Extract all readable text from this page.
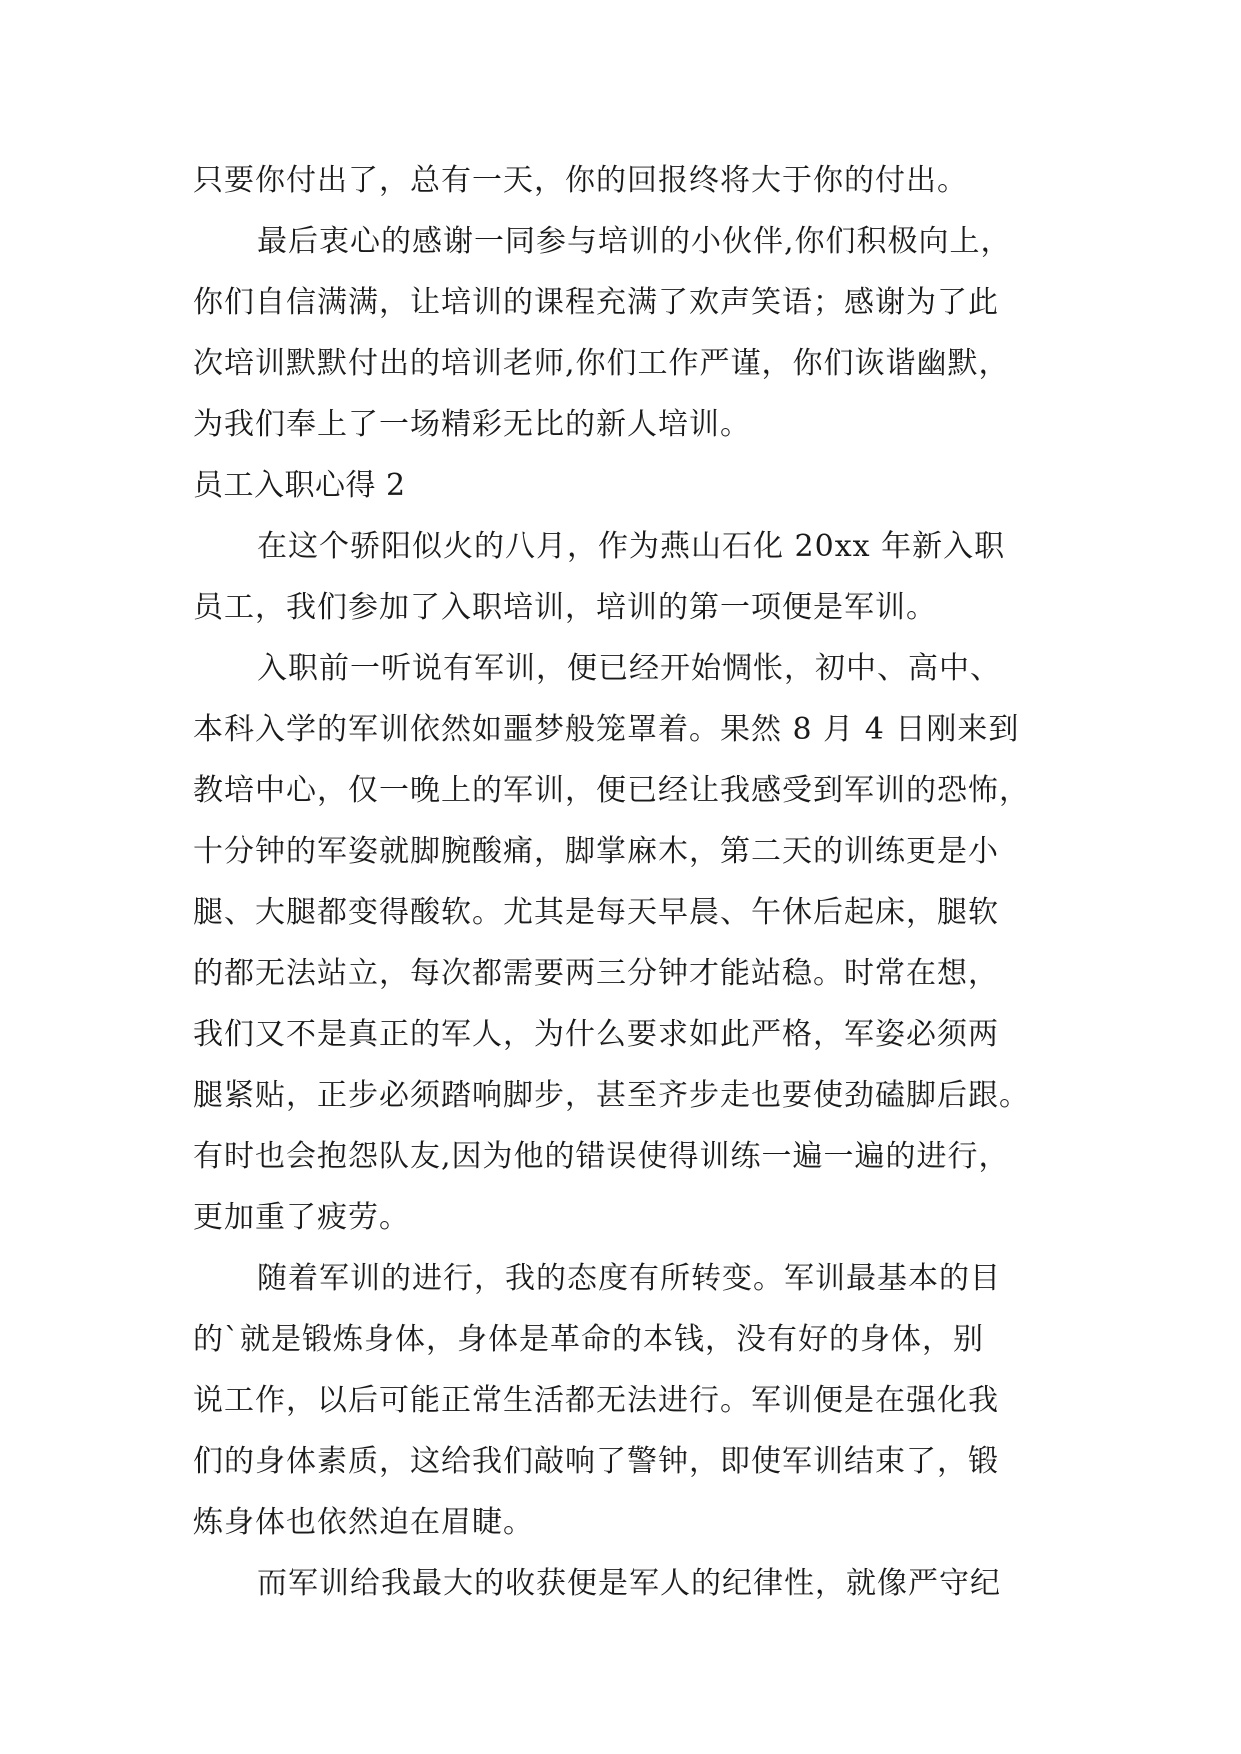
只要你付出了，总有一天，你的回报终将大于你的付出。
最后衷心的感谢一同参与培训的小伙伴,你们积极向上，
你们自信满满，让培训的课程充满了欢声笑语；感谢为了此
次培训默默付出的培训老师,你们工作严谨，你们诙谐幽默，
为我们奉上了一场精彩无比的新人培训。
员工入职心得 2
在这个骄阳似火的八月，作为燕山石化 20xx 年新入职
员工，我们参加了入职培训，培训的第一项便是军训。
入职前一听说有军训，便已经开始惆怅，初中、高中、
本科入学的军训依然如噩梦般笼罩着。果然 8 月 4 日刚来到
教培中心，仅一晚上的军训，便已经让我感受到军训的恐怖，
十分钟的军姿就脚腕酸痛，脚掌麻木，第二天的训练更是小
腿、大腿都变得酸软。尤其是每天早晨、午休后起床，腿软
的都无法站立，每次都需要两三分钟才能站稳。时常在想，
我们又不是真正的军人，为什么要求如此严格，军姿必须两
腿紧贴，正步必须踏响脚步，甚至齐步走也要使劲磕脚后跟。
有时也会抱怨队友,因为他的错误使得训练一遍一遍的进行，
更加重了疲劳。
随着军训的进行，我的态度有所转变。军训最基本的目
的`就是锻炼身体，身体是革命的本钱，没有好的身体，别
说工作，以后可能正常生活都无法进行。军训便是在强化我
们的身体素质，这给我们敲响了警钟，即使军训结束了，锻
炼身体也依然迫在眉睫。
而军训给我最大的收获便是军人的纪律性，就像严守纪
